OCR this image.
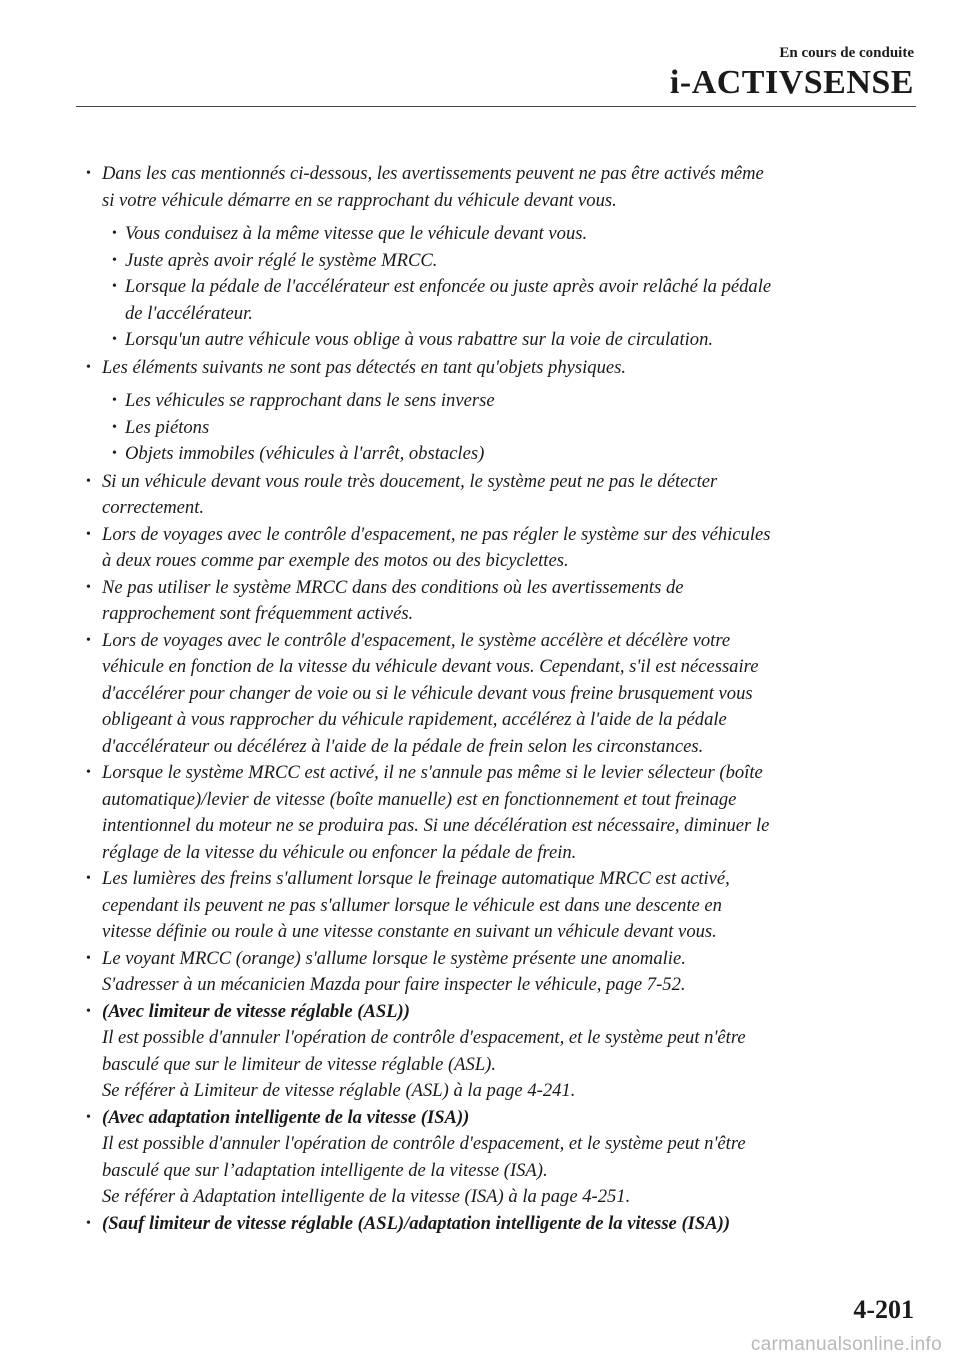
En cours de conduite
i-ACTIVSENSE
• Dans les cas mentionnés ci-dessous, les avertissements peuvent ne pas être activés même
si votre véhicule démarre en se rapprochant du véhicule devant vous.
• Vous conduisez à la même vitesse que le véhicule devant vous.
• Juste après avoir réglé le système MRCC.
• Lorsque la pédale de l'accélérateur est enfoncée ou juste après avoir relâché la pédale
de l'accélérateur.
• Lorsqu'un autre véhicule vous oblige à vous rabattre sur la voie de circulation.
• Les éléments suivants ne sont pas détectés en tant qu'objets physiques.
• Les véhicules se rapprochant dans le sens inverse
• Les piétons
• Objets immobiles (véhicules à l'arrêt, obstacles)
• Si un véhicule devant vous roule très doucement, le système peut ne pas le détecter
correctement.
• Lors de voyages avec le contrôle d'espacement, ne pas régler le système sur des véhicules
à deux roues comme par exemple des motos ou des bicyclettes.
• Ne pas utiliser le système MRCC dans des conditions où les avertissements de
rapprochement sont fréquemment activés.
• Lors de voyages avec le contrôle d'espacement, le système accélère et décélère votre
véhicule en fonction de la vitesse du véhicule devant vous. Cependant, s'il est nécessaire
d'accélérer pour changer de voie ou si le véhicule devant vous freine brusquement vous
obligeant à vous rapprocher du véhicule rapidement, accélérez à l'aide de la pédale
d'accélérateur ou décélérez à l'aide de la pédale de frein selon les circonstances.
• Lorsque le système MRCC est activé, il ne s'annule pas même si le levier sélecteur (boîte
automatique)/levier de vitesse (boîte manuelle) est en fonctionnement et tout freinage
intentionnel du moteur ne se produira pas. Si une décélération est nécessaire, diminuer le
réglage de la vitesse du véhicule ou enfoncer la pédale de frein.
• Les lumières des freins s'allument lorsque le freinage automatique MRCC est activé,
cependant ils peuvent ne pas s'allumer lorsque le véhicule est dans une descente en
vitesse définie ou roule à une vitesse constante en suivant un véhicule devant vous.
• Le voyant MRCC (orange) s'allume lorsque le système présente une anomalie.
S'adresser à un mécanicien Mazda pour faire inspecter le véhicule, page 7-52.
• (Avec limiteur de vitesse réglable (ASL))
Il est possible d'annuler l'opération de contrôle d'espacement, et le système peut n'être
basculé que sur le limiteur de vitesse réglable (ASL).
Se référer à Limiteur de vitesse réglable (ASL) à la page 4-241.
• (Avec adaptation intelligente de la vitesse (ISA))
Il est possible d'annuler l'opération de contrôle d'espacement, et le système peut n'être
basculé que sur l’adaptation intelligente de la vitesse (ISA).
Se référer à Adaptation intelligente de la vitesse (ISA) à la page 4-251.
• (Sauf limiteur de vitesse réglable (ASL)/adaptation intelligente de la vitesse (ISA))
4-201
carmanualsonline.info
